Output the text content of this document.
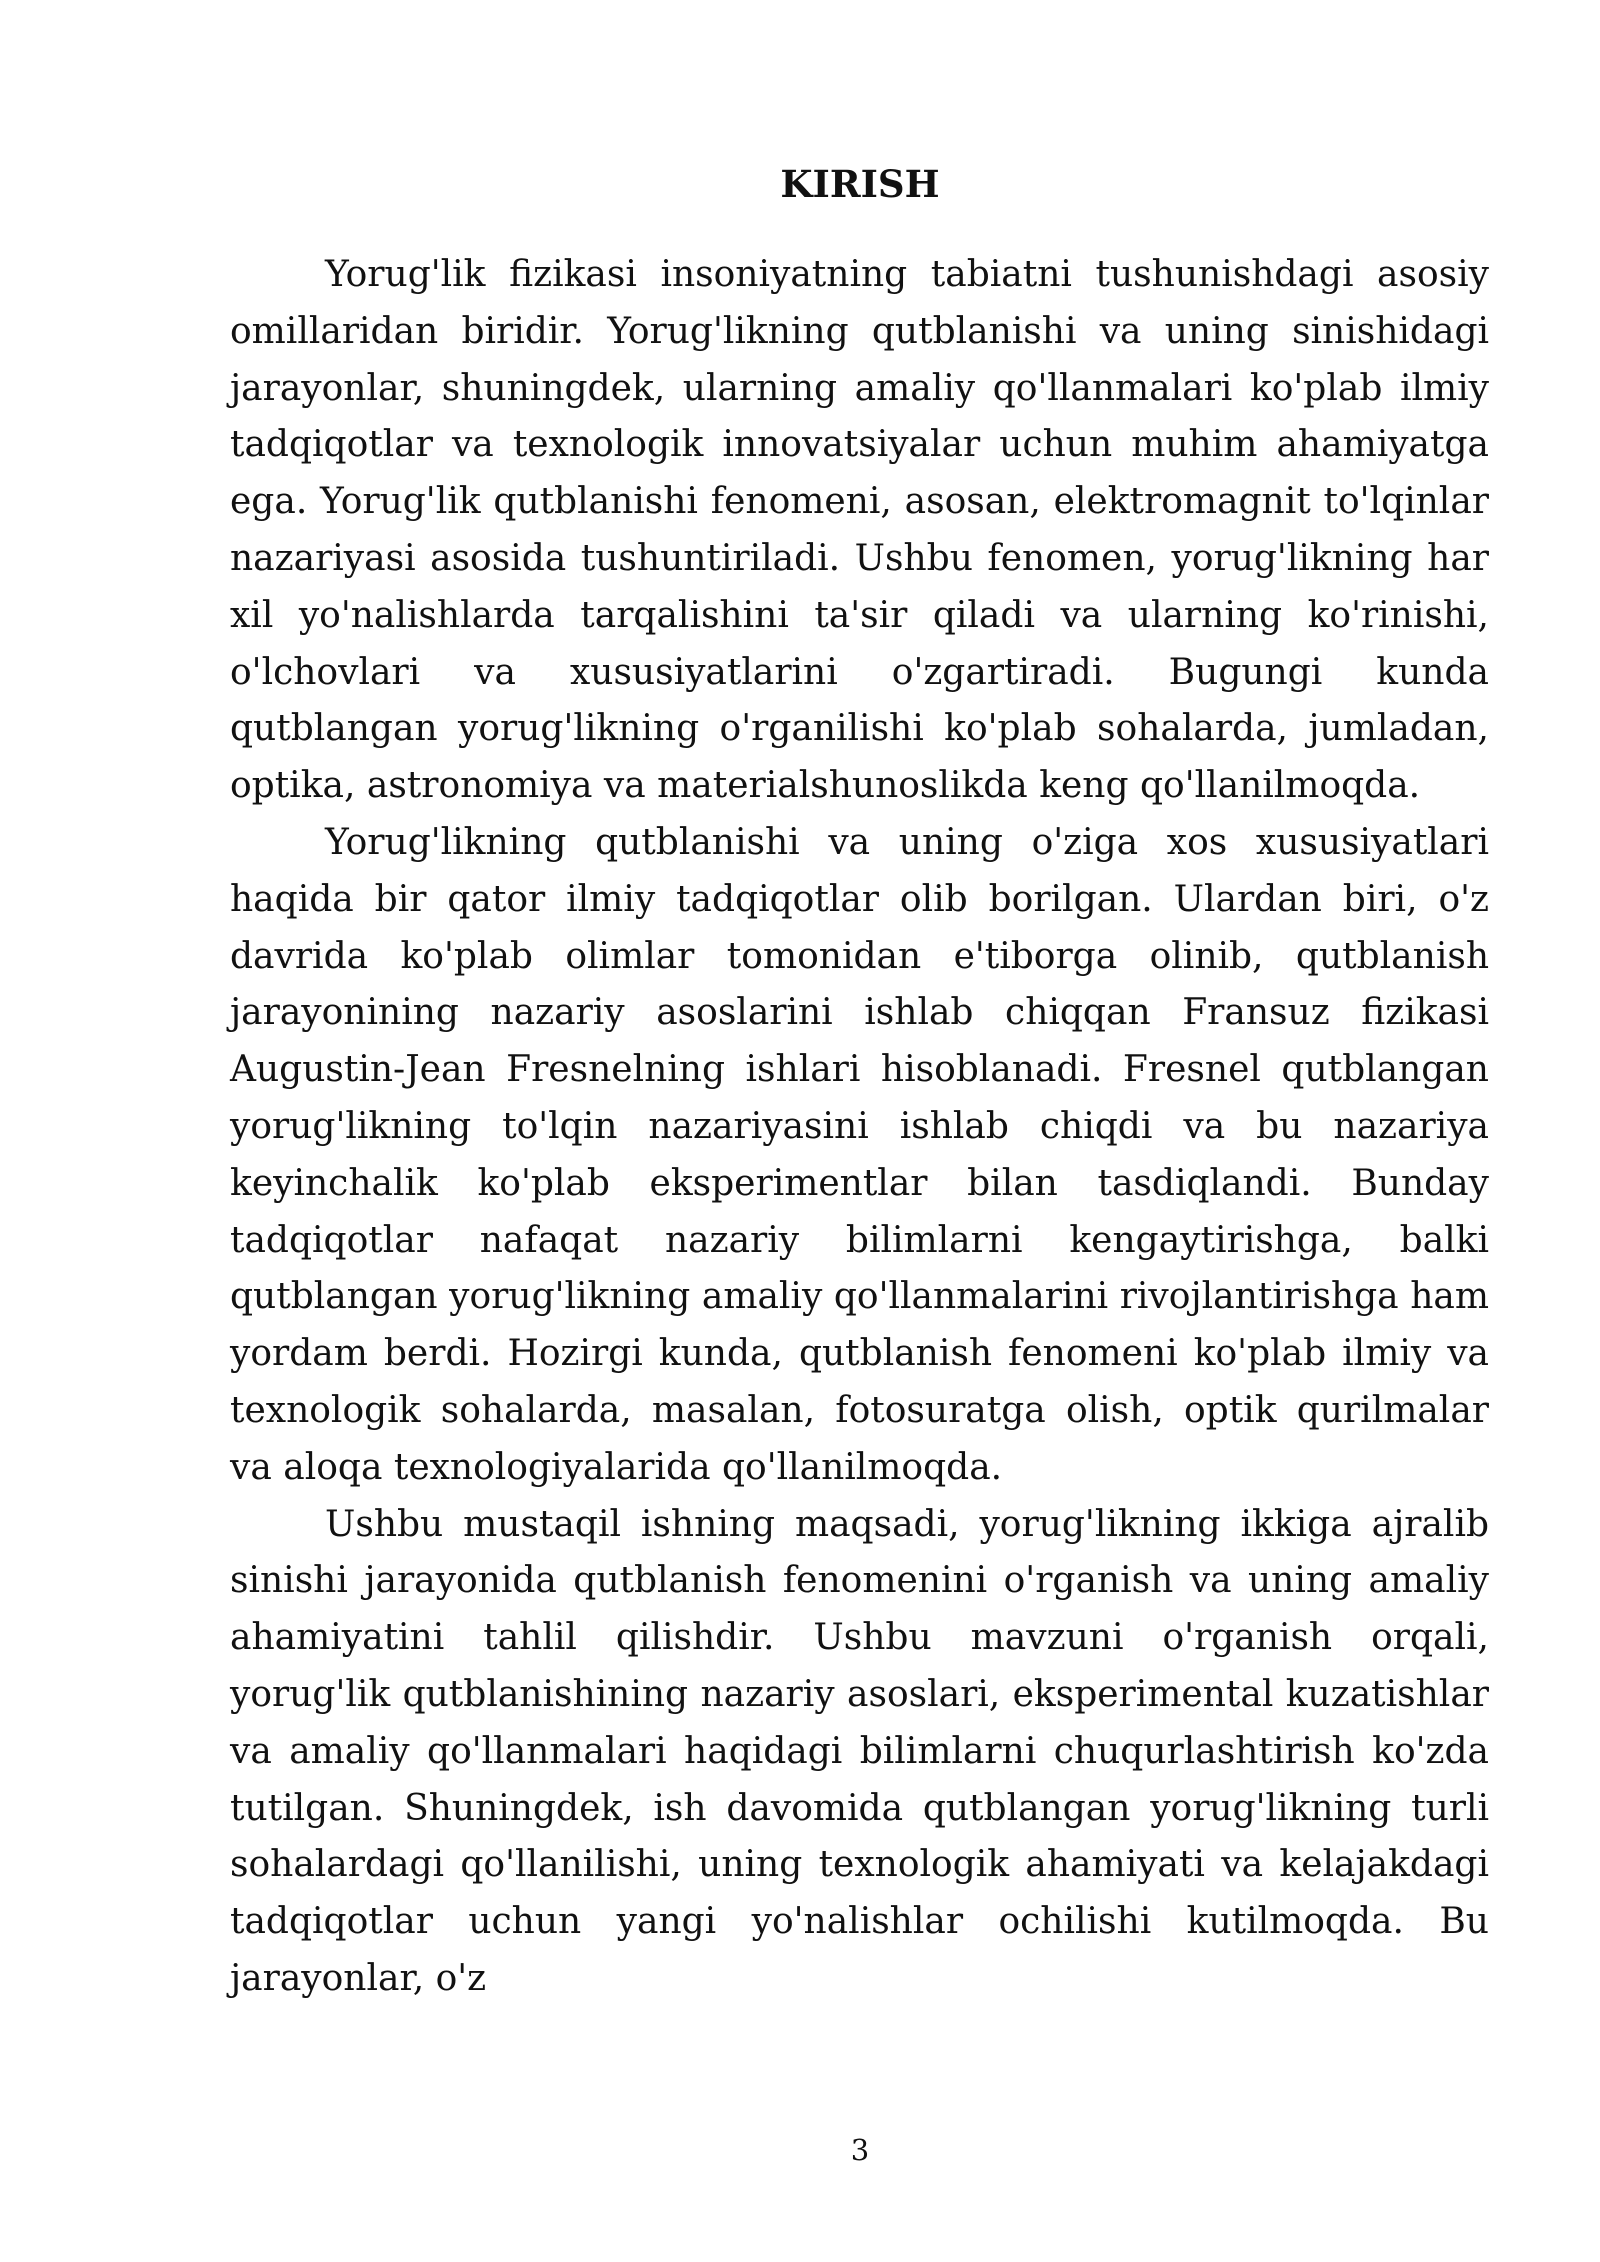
KIRISH

Yorug'lik fizikasi insoniyatning tabiatni tushunishdagi asosiy omillaridan biridir. Yorug'likning qutblanishi va uning sinishidagi jarayonlar, shuningdek, ularning amaliy qo'llanmalari ko'plab ilmiy tadqiqotlar va texnologik innovatsiyalar uchun muhim ahamiyatga ega. Yorug'lik qutblanishi fenomeni, asosan, elektromagnit to'lqinlar nazariyasi asosida tushuntiriladi. Ushbu fenomen, yorug'likning har xil yo'nalishlarda tarqalishini ta'sir qiladi va ularning ko'rinishi, o'lchovlari va xususiyatlarini o'zgartiradi. Bugungi kunda qutblangan yorug'likning o'rganilishi ko'plab sohalarda, jumladan, optika, astronomiya va materialshunoslikda keng qo'llanilmoqda.

Yorug'likning qutblanishi va uning o'ziga xos xususiyatlari haqida bir qator ilmiy tadqiqotlar olib borilgan. Ulardan biri, o'z davrida ko'plab olimlar tomonidan e'tiborga olinib, qutblanish jarayonining nazariy asoslarini ishlab chiqqan Fransuz fizikasi Augustin-Jean Fresnelning ishlari hisoblanadi. Fresnel qutblangan yorug'likning to'lqin nazariyasini ishlab chiqdi va bu nazariya keyinchalik ko'plab eksperimentlar bilan tasdiqlandi. Bunday tadqiqotlar nafaqat nazariy bilimlarni kengaytirishga, balki qutblangan yorug'likning amaliy qo'llanmalarini rivojlantirishga ham yordam berdi. Hozirgi kunda, qutblanish fenomeni ko'plab ilmiy va texnologik sohalarda, masalan, fotosuratga olish, optik qurilmalar va aloqa texnologiyalarida qo'llanilmoqda.

Ushbu mustaqil ishning maqsadi, yorug'likning ikkiga ajralib sinishi jarayonida qutblanish fenomenini o'rganish va uning amaliy ahamiyatini tahlil qilishdir. Ushbu mavzuni o'rganish orqali, yorug'lik qutblanishining nazariy asoslari, eksperimental kuzatishlar va amaliy qo'llanmalari haqidagi bilimlarni chuqurlashtirish ko'zda tutilgan. Shuningdek, ish davomida qutblangan yorug'likning turli sohalardagi qo'llanilishi, uning texnologik ahamiyati va kelajakdagi tadqiqotlar uchun yangi yo'nalishlar ochilishi kutilmoqda. Bu jarayonlar, o'z

3
